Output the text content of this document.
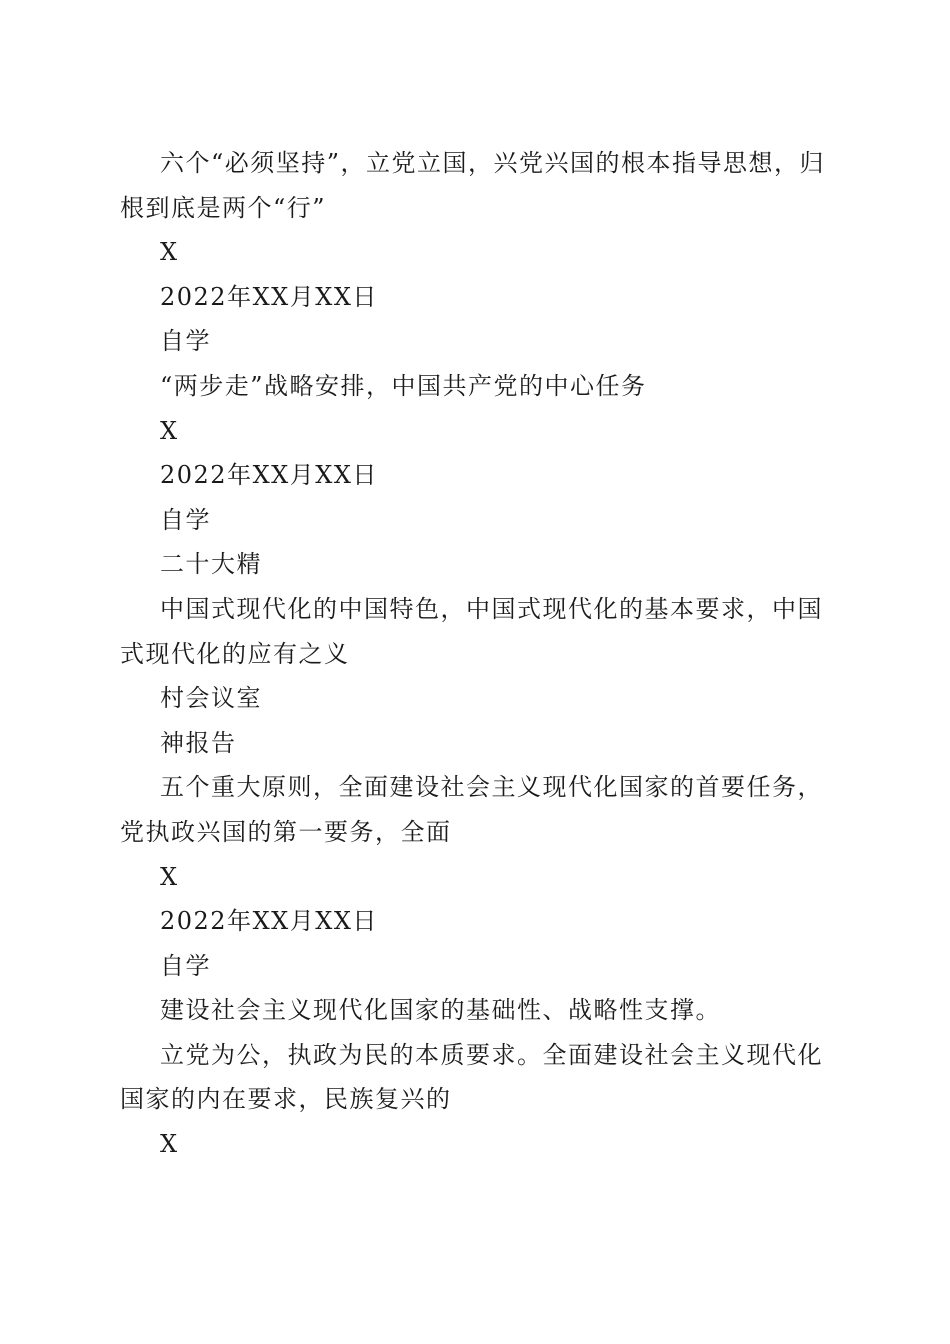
六个“必须坚持”，立党立国，兴党兴国的根本指导思想，归根到底是两个“行”

X

2022年XX月XX日

自学

“两步走”战略安排，中国共产党的中心任务

X

2022年XX月XX日

自学

二十大精

中国式现代化的中国特色，中国式现代化的基本要求，中国式现代化的应有之义

村会议室

神报告

五个重大原则，全面建设社会主义现代化国家的首要任务，党执政兴国的第一要务，全面

X

2022年XX月XX日

自学

建设社会主义现代化国家的基础性、战略性支撑。

立党为公，执政为民的本质要求。全面建设社会主义现代化国家的内在要求，民族复兴的

X
